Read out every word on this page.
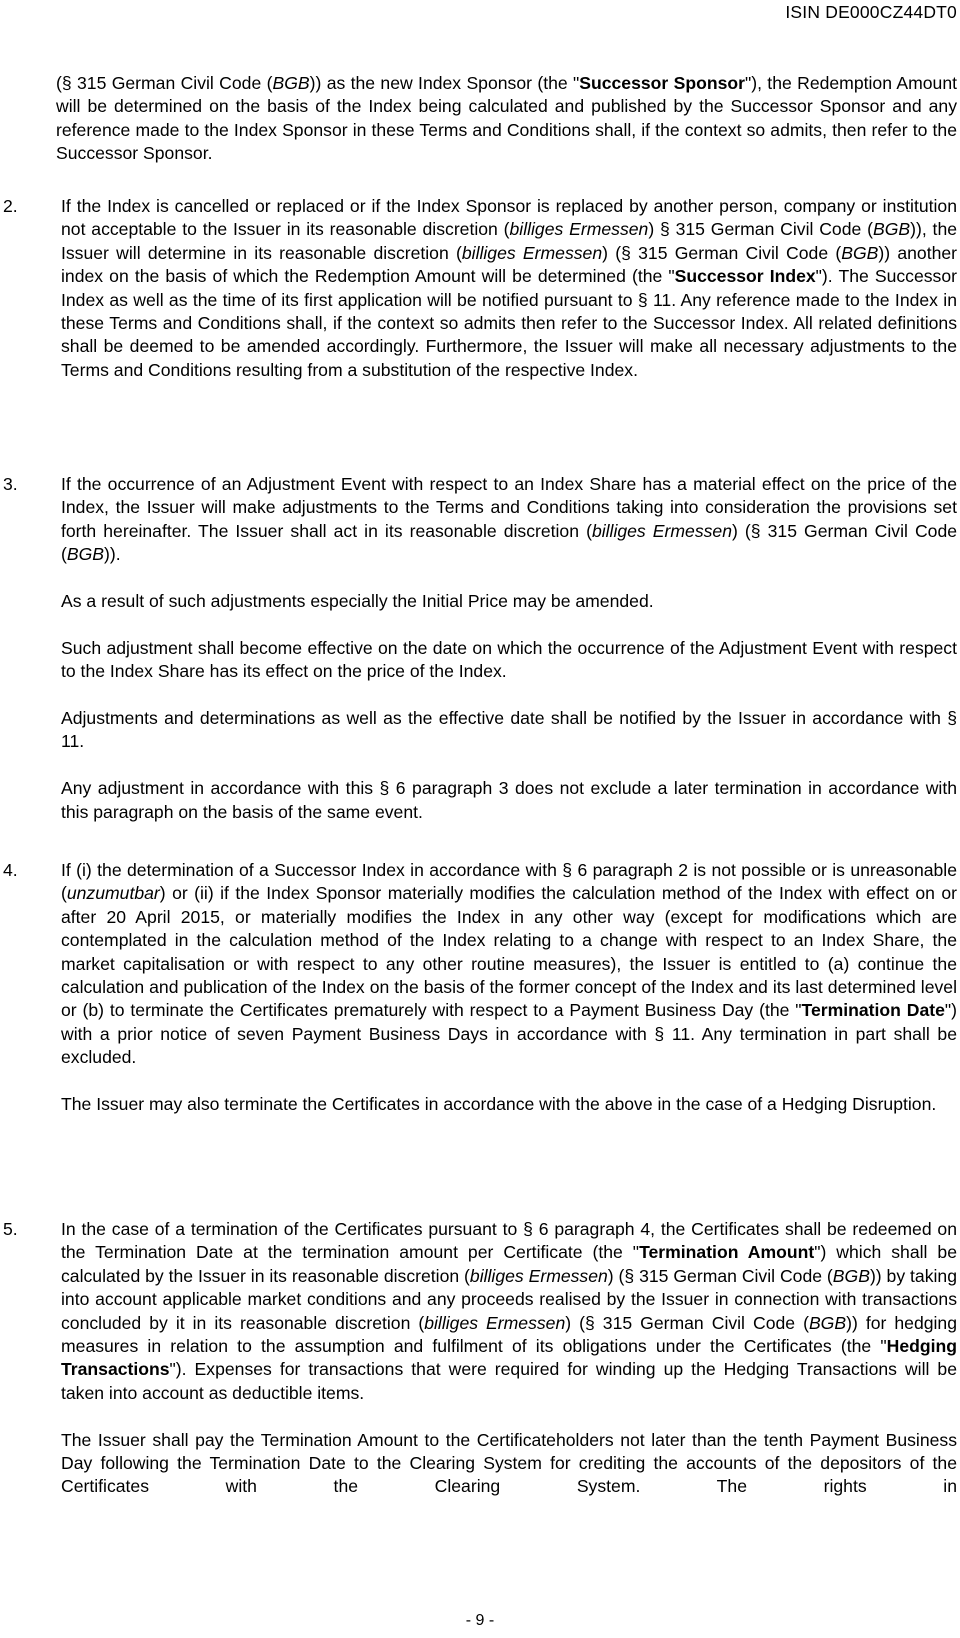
ISIN DE000CZ44DT0
(§ 315 German Civil Code (BGB)) as the new Index Sponsor (the "Successor Sponsor"), the Redemption Amount will be determined on the basis of the Index being calculated and published by the Successor Sponsor and any reference made to the Index Sponsor in these Terms and Conditions shall, if the context so admits, then refer to the Successor Sponsor.
2. If the Index is cancelled or replaced or if the Index Sponsor is replaced by another person, company or institution not acceptable to the Issuer in its reasonable discretion (billiges Ermessen) § 315 German Civil Code (BGB)), the Issuer will determine in its reasonable discretion (billiges Ermessen) (§ 315 German Civil Code (BGB)) another index on the basis of which the Redemption Amount will be determined (the "Successor Index"). The Successor Index as well as the time of its first application will be notified pursuant to § 11. Any reference made to the Index in these Terms and Conditions shall, if the context so admits then refer to the Successor Index. All related definitions shall be deemed to be amended accordingly. Furthermore, the Issuer will make all necessary adjustments to the Terms and Conditions resulting from a substitution of the respective Index.

3. If the occurrence of an Adjustment Event with respect to an Index Share has a material effect on the price of the Index, the Issuer will make adjustments to the Terms and Conditions taking into consideration the provisions set forth hereinafter. The Issuer shall act in its reasonable discretion (billiges Ermessen) (§ 315 German Civil Code (BGB)).

As a result of such adjustments especially the Initial Price may be amended.

Such adjustment shall become effective on the date on which the occurrence of the Adjustment Event with respect to the Index Share has its effect on the price of the Index.

Adjustments and determinations as well as the effective date shall be notified by the Issuer in accordance with § 11.

Any adjustment in accordance with this § 6 paragraph 3 does not exclude a later termination in accordance with this paragraph on the basis of the same event.

4. If (i) the determination of a Successor Index in accordance with § 6 paragraph 2 is not possible or is unreasonable (unzumutbar) or (ii) if the Index Sponsor materially modifies the calculation method of the Index with effect on or after 20 April 2015, or materially modifies the Index in any other way (except for modifications which are contemplated in the calculation method of the Index relating to a change with respect to an Index Share, the market capitalisation or with respect to any other routine measures), the Issuer is entitled to (a) continue the calculation and publication of the Index on the basis of the former concept of the Index and its last determined level or (b) to terminate the Certificates prematurely with respect to a Payment Business Day (the "Termination Date") with a prior notice of seven Payment Business Days in accordance with § 11. Any termination in part shall be excluded.

The Issuer may also terminate the Certificates in accordance with the above in the case of a Hedging Disruption.

5. In the case of a termination of the Certificates pursuant to § 6 paragraph 4, the Certificates shall be redeemed on the Termination Date at the termination amount per Certificate (the "Termination Amount") which shall be calculated by the Issuer in its reasonable discretion (billiges Ermessen) (§ 315 German Civil Code (BGB)) by taking into account applicable market conditions and any proceeds realised by the Issuer in connection with transactions concluded by it in its reasonable discretion (billiges Ermessen) (§ 315 German Civil Code (BGB)) for hedging measures in relation to the assumption and fulfilment of its obligations under the Certificates (the "Hedging Transactions"). Expenses for transactions that were required for winding up the Hedging Transactions will be taken into account as deductible items.

The Issuer shall pay the Termination Amount to the Certificateholders not later than the tenth Payment Business Day following the Termination Date to the Clearing System for crediting the accounts of the depositors of the Certificates with the Clearing System. The rights in

- 9 -
